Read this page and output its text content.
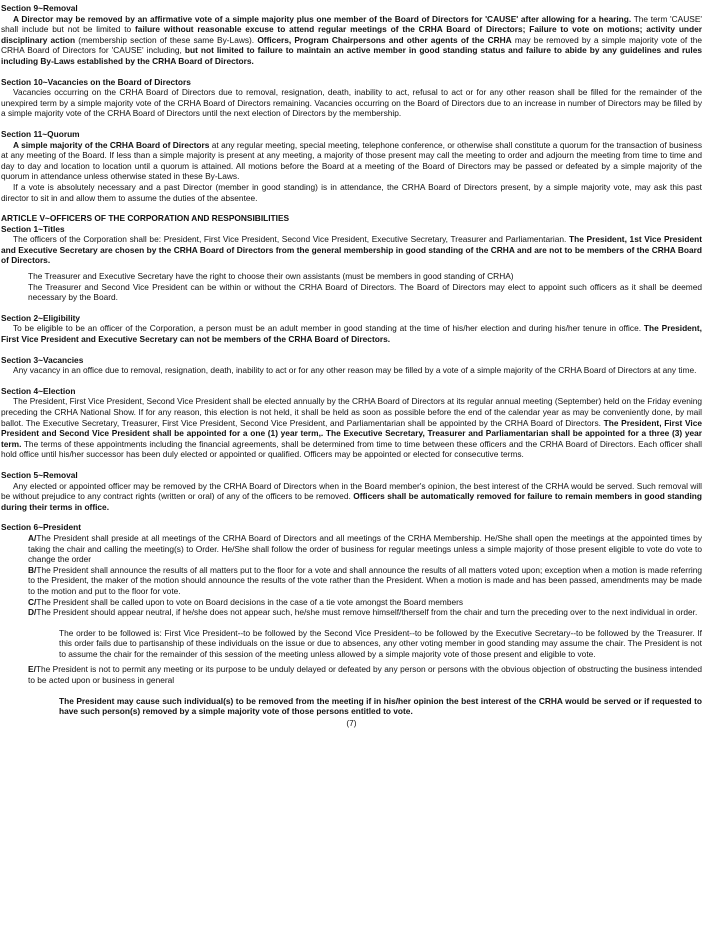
Section 9~Removal

A Director may be removed by an affirmative vote of a simple majority plus one member of the Board of Directors for 'CAUSE' after allowing for a hearing. The term 'CAUSE' shall include but not be limited to failure without reasonable excuse to attend regular meetings of the CRHA Board of Directors; Failure to vote on motions; activity under disciplinary action (membership section of these same By-Laws). Officers, Program Chairpersons and other agents of the CRHA may be removed by a simple majority vote of the CRHA Board of Directors for 'CAUSE' including, but not limited to failure to maintain an active member in good standing status and failure to abide by any guidelines and rules including By-Laws established by the CRHA Board of Directors.

Section 10~Vacancies on the Board of Directors

Vacancies occurring on the CRHA Board of Directors due to removal, resignation, death, inability to act, refusal to act or for any other reason shall be filled for the remainder of the unexpired term by a simple majority vote of the CRHA Board of Directors remaining. Vacancies occurring on the Board of Directors due to an increase in number of Directors may be filled by a simple majority vote of the CRHA Board of Directors until the next election of Directors by the membership.

Section 11~Quorum

A simple majority of the CRHA Board of Directors at any regular meeting, special meeting, telephone conference, or otherwise shall constitute a quorum for the transaction of business at any meeting of the Board. If less than a simple majority is present at any meeting, a majority of those present may call the meeting to order and adjourn the meeting from time to time and day to day and location to location until a quorum is attained. All motions before the Board at a meeting of the Board of Directors may be passed or defeated by a simple majority of the quorum in attendance unless otherwise stated in these By-Laws.

If a vote is absolutely necessary and a past Director (member in good standing) is in attendance, the CRHA Board of Directors present, by a simple majority vote, may ask this past director to sit in and allow them to assume the duties of the absentee.

ARTICLE V~OFFICERS OF THE CORPORATION AND RESPONSIBILITIES

Section 1~Titles

The officers of the Corporation shall be: President, First Vice President, Second Vice President, Executive Secretary, Treasurer and Parliamentarian. The President, 1st Vice President and Executive Secretary are chosen by the CRHA Board of Directors from the general membership in good standing of the CRHA and are not to be members of the CRHA Board of Directors.

The Treasurer and Executive Secretary have the right to choose their own assistants (must be members in good standing of CRHA)

The Treasurer and Second Vice President can be within or without the CRHA Board of Directors. The Board of Directors may elect to appoint such officers as it shall be deemed necessary by the Board.

Section 2~Eligibility

To be eligible to be an officer of the Corporation, a person must be an adult member in good standing at the time of his/her election and during his/her tenure in office. The President, First Vice President and Executive Secretary can not be members of the CRHA Board of Directors.

Section 3~Vacancies

Any vacancy in an office due to removal, resignation, death, inability to act or for any other reason may be filled by a vote of a simple majority of the CRHA Board of Directors at any time.

Section 4~Election

The President, First Vice President, Second Vice President shall be elected annually by the CRHA Board of Directors at its regular annual meeting (September) held on the Friday evening preceding the CRHA National Show. If for any reason, this election is not held, it shall be held as soon as possible before the end of the calendar year as may be conveniently done, by mail ballot. The Executive Secretary, Treasurer, First Vice President, Second Vice President, and Parliamentarian shall be appointed by the CRHA Board of Directors. The President, First Vice President and Second Vice President shall be appointed for a one (1) year term,. The Executive Secretary, Treasurer and Parliamentarian shall be appointed for a three (3) year term. The terms of these appointments including the financial agreements, shall be determined from time to time between these officers and the CRHA Board of Directors. Each officer shall hold office until his/her successor has been duly elected or appointed or qualified. Officers may be appointed or elected for consecutive terms.

Section 5~Removal

Any elected or appointed officer may be removed by the CRHA Board of Directors when in the Board member's opinion, the best interest of the CRHA would be served. Such removal will be without prejudice to any contract rights (written or oral) of any of the officers to be removed. Officers shall be automatically removed for failure to remain members in good standing during their terms in office.

Section 6~President

A/The President shall preside at all meetings of the CRHA Board of Directors and all meetings of the CRHA Membership. He/She shall open the meetings at the appointed times by taking the chair and calling the meeting(s) to Order. He/She shall follow the order of business for regular meetings unless a simple majority of those present eligible to vote do vote to change the order

B/The President shall announce the results of all matters put to the floor for a vote and shall announce the results of all matters voted upon; exception when a motion is made referring to the President, the maker of the motion should announce the results of the vote rather than the President. When a motion is made and has been passed, amendments may be made to the motion and put to the floor for vote.

C/The President shall be called upon to vote on Board decisions in the case of a tie vote amongst the Board members

D/The President should appear neutral, if he/she does not appear such, he/she must remove himself/therself from the chair and turn the preceding over to the next individual in order.

The order to be followed is: First Vice President--to be followed by the Second Vice President--to be followed by the Executive Secretary--to be followed by the Treasurer. If this order fails due to partisanship of these individuals on the issue or due to absences, any other voting member in good standing may assume the chair. The President is not to assume the chair for the remainder of this session of the meeting unless allowed by a simple majority vote of those present and eligible to vote.

E/The President is not to permit any meeting or its purpose to be unduly delayed or defeated by any person or persons with the obvious objection of obstructing the business intended to be acted upon or business in general

The President may cause such individual(s) to be removed from the meeting if in his/her opinion the best interest of the CRHA would be served or if requested to have such person(s) removed by a simple majority vote of those persons entitled to vote.

(7)
